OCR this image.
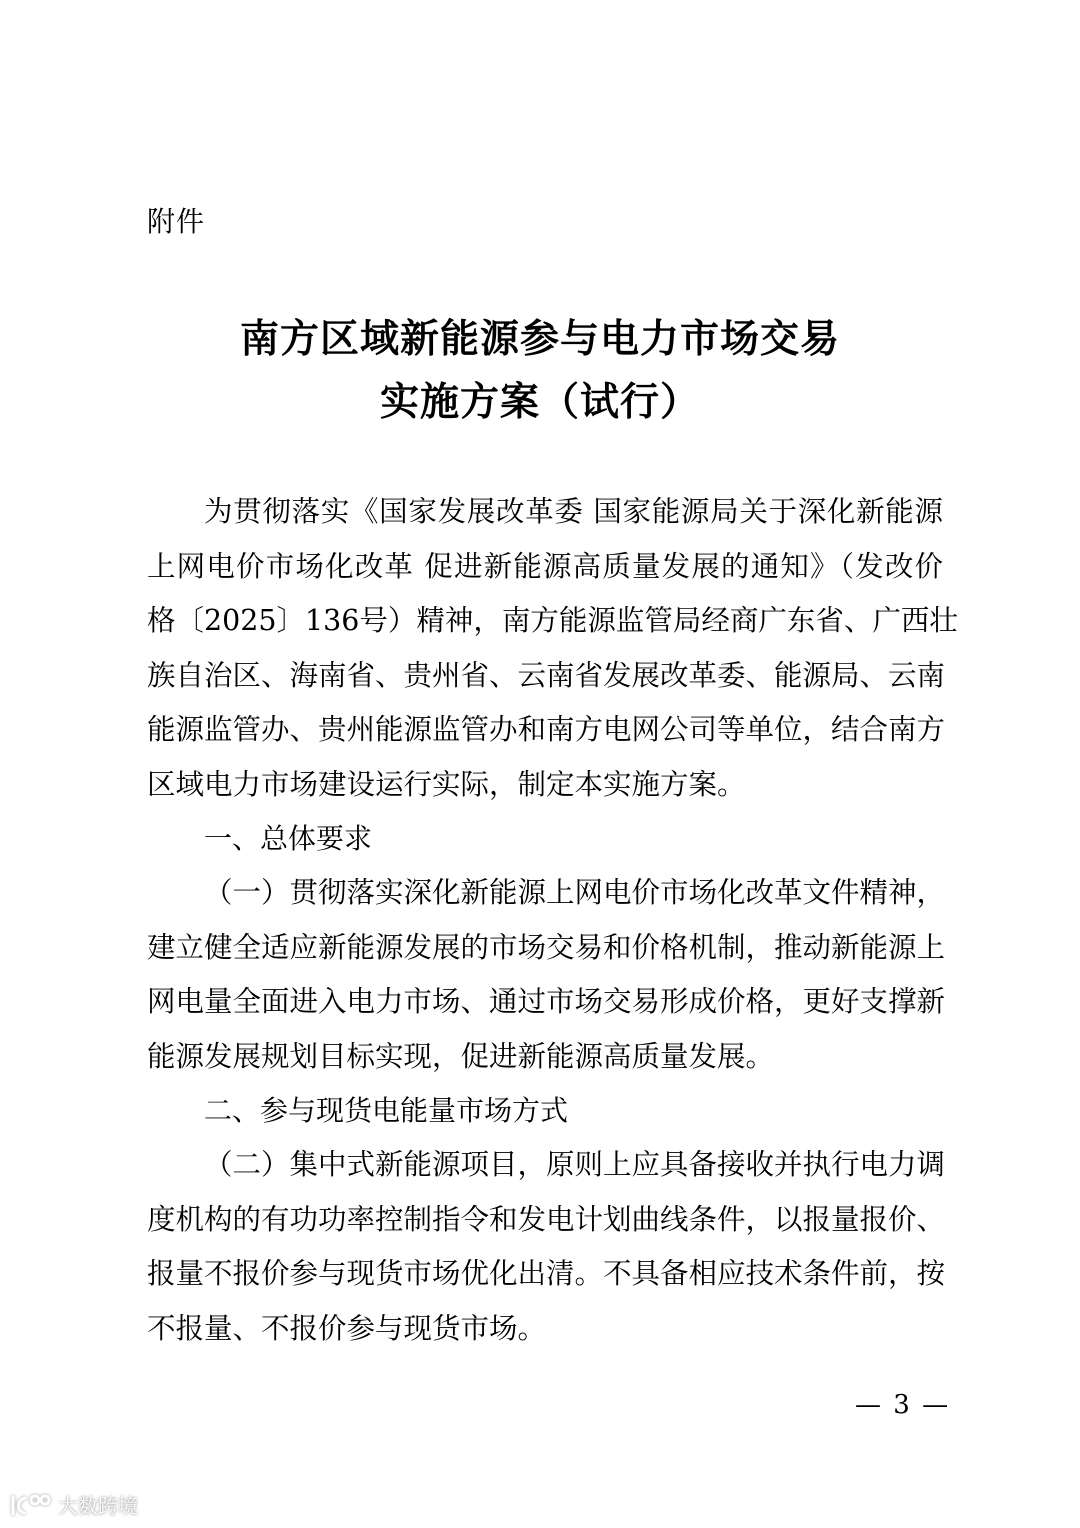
附件
南方区域新能源参与电力市场交易
实施方案（试行）
为贯彻落实《国家发展改革委 国家能源局关于深化新能源
上网电价市场化改革 促进新能源高质量发展的通知》（发改价
格〔2025〕136号）精神，南方能源监管局经商广东省、广西壮
族自治区、海南省、贵州省、云南省发展改革委、能源局、云南
能源监管办、贵州能源监管办和南方电网公司等单位，结合南方
区域电力市场建设运行实际，制定本实施方案。
一、总体要求
（一）贯彻落实深化新能源上网电价市场化改革文件精神，
建立健全适应新能源发展的市场交易和价格机制，推动新能源上
网电量全面进入电力市场、通过市场交易形成价格，更好支撑新
能源发展规划目标实现，促进新能源高质量发展。
二、参与现货电能量市场方式
（二）集中式新能源项目，原则上应具备接收并执行电力调
度机构的有功功率控制指令和发电计划曲线条件，以报量报价、
报量不报价参与现货市场优化出清。不具备相应技术条件前，按
不报量、不报价参与现货市场。
— 3 —
大数跨境
